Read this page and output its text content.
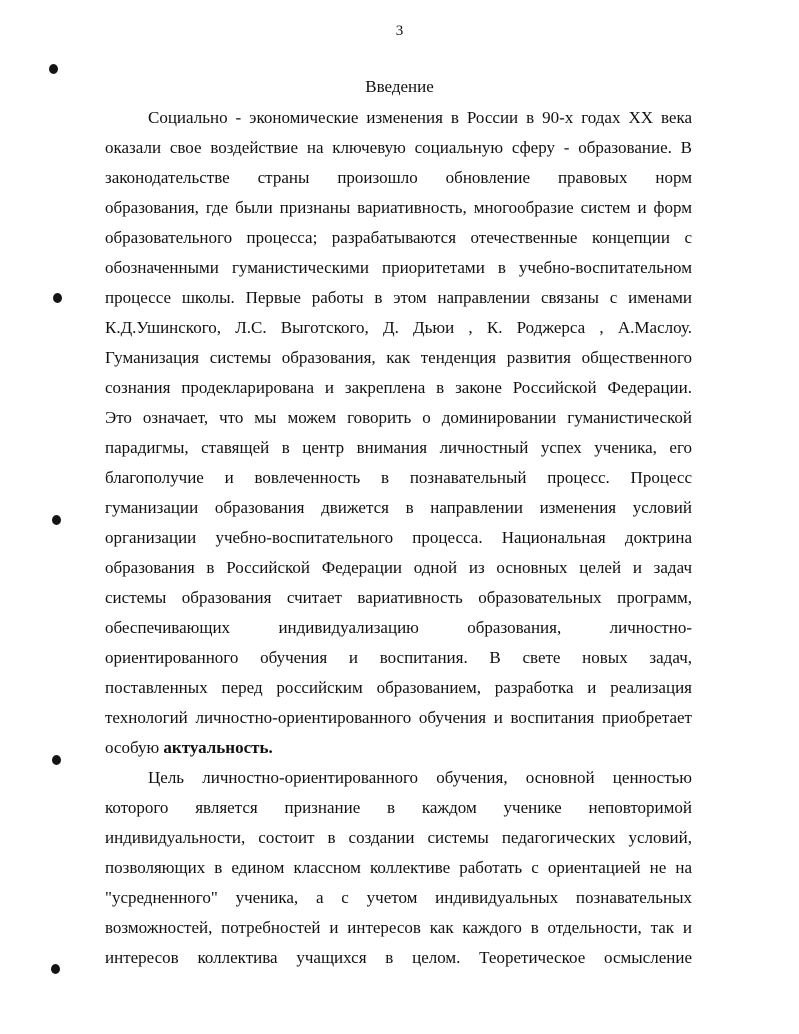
3
Введение
Социально - экономические изменения в России в 90-х годах XX века
оказали свое воздействие на ключевую социальную сферу - образование. В
законодательстве страны произошло обновление правовых норм
образования, где были признаны вариативность, многообразие систем и форм
образовательного процесса; разрабатываются отечественные концепции с
обозначенными гуманистическими приоритетами в учебно-воспитательном
процессе школы. Первые работы в этом направлении связаны с именами
К.Д.Ушинского, Л.С. Выготского, Д. Дьюи , К. Роджерса , А.Маслоу.
Гуманизация системы образования, как тенденция развития общественного
сознания продекларирована и закреплена в законе Российской Федерации.
Это означает, что мы можем говорить о доминировании гуманистической
парадигмы, ставящей в центр внимания личностный успех ученика, его
благополучие и вовлеченность в познавательный процесс. Процесс
гуманизации образования движется в направлении изменения условий
организации учебно-воспитательного процесса. Национальная доктрина
образования в Российской Федерации одной из основных целей и задач
системы образования считает вариативность образовательных программ,
обеспечивающих индивидуализацию образования, личностно-
ориентированного обучения и воспитания. В свете новых задач,
поставленных перед российским образованием, разработка и реализация
технологий личностно-ориентированного обучения и воспитания приобретает
особую актуальность.
Цель личностно-ориентированного обучения, основной ценностью
которого является признание в каждом ученике неповторимой
индивидуальности, состоит в создании системы педагогических условий,
позволяющих в едином классном коллективе работать с ориентацией не на
"усредненного" ученика, а с учетом индивидуальных познавательных
возможностей, потребностей и интересов как каждого в отдельности, так и
интересов коллектива учащихся в целом. Теоретическое осмысление
